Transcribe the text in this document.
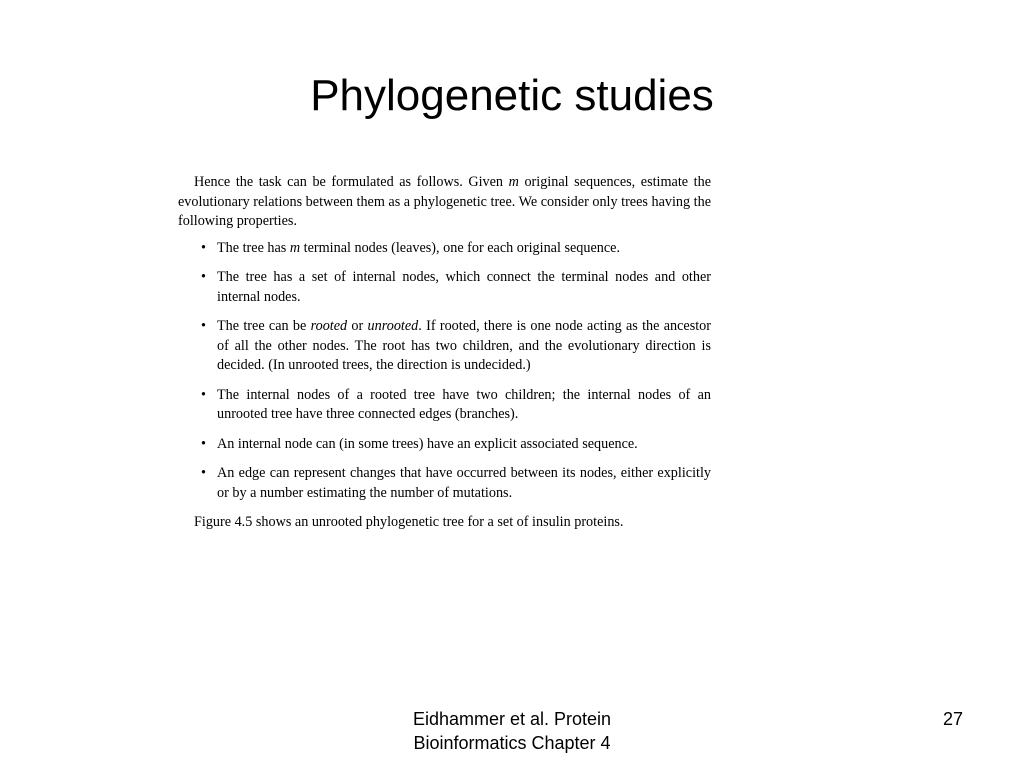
Phylogenetic studies

Hence the task can be formulated as follows. Given m original sequences, estimate the evolutionary relations between them as a phylogenetic tree. We consider only trees having the following properties.

• The tree has m terminal nodes (leaves), one for each original sequence.
• The tree has a set of internal nodes, which connect the terminal nodes and other internal nodes.
• The tree can be rooted or unrooted. If rooted, there is one node acting as the ancestor of all the other nodes. The root has two children, and the evolutionary direction is decided. (In unrooted trees, the direction is undecided.)
• The internal nodes of a rooted tree have two children; the internal nodes of an unrooted tree have three connected edges (branches).
• An internal node can (in some trees) have an explicit associated sequence.
• An edge can represent changes that have occurred between its nodes, either explicitly or by a number estimating the number of mutations.

Figure 4.5 shows an unrooted phylogenetic tree for a set of insulin proteins.

Eidhammer et al. Protein
Bioinformatics Chapter 4
27
